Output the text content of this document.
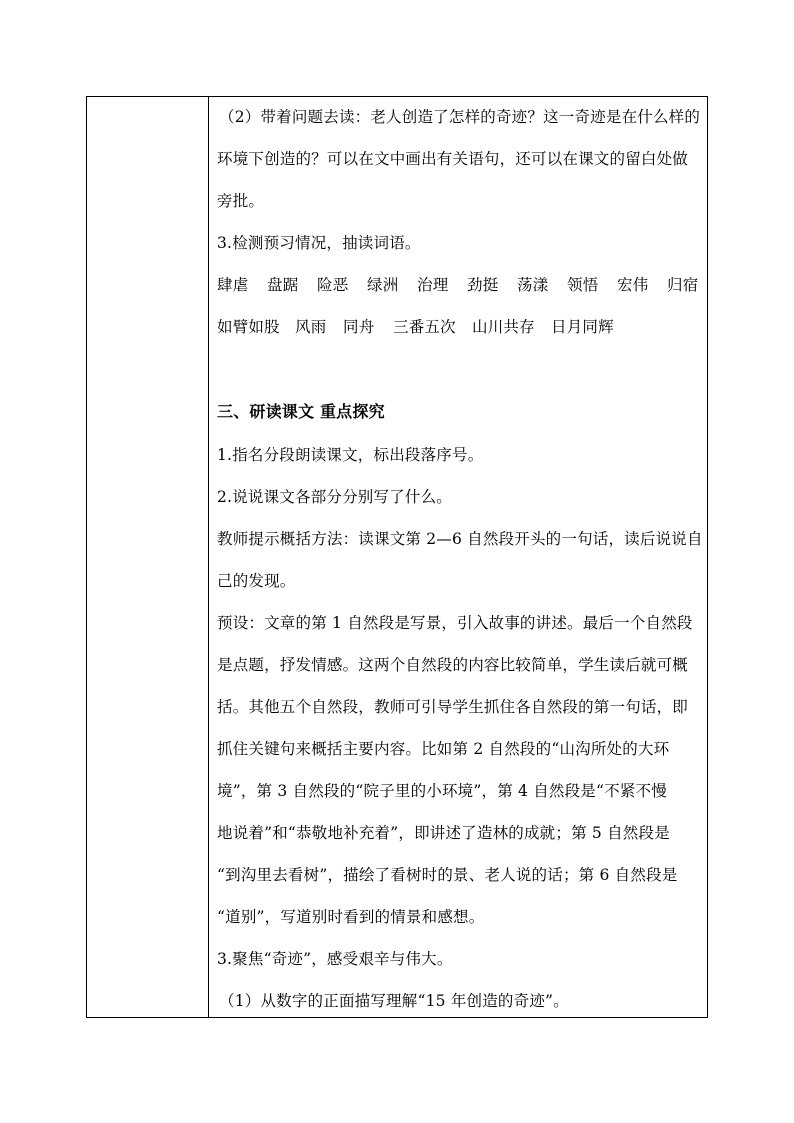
（2）带着问题去读：老人创造了怎样的奇迹？这一奇迹是在什么样的
环境下创造的？可以在文中画出有关语句，还可以在课文的留白处做
旁批。
3.检测预习情况，抽读词语。
肆虐 盘踞 险恶 绿洲 治理 劲挺 荡漾 领悟 宏伟 归宿
如臂如股 风雨 同舟 三番五次 山川共存 日月同辉
三、研读课文 重点探究
1.指名分段朗读课文，标出段落序号。
2.说说课文各部分分别写了什么。
教师提示概括方法：读课文第 2—6 自然段开头的一句话，读后说说自
己的发现。
预设：文章的第 1 自然段是写景，引入故事的讲述。最后一个自然段
是点题，抒发情感。这两个自然段的内容比较简单，学生读后就可概
括。其他五个自然段，教师可引导学生抓住各自然段的第一句话，即
抓住关键句来概括主要内容。比如第 2 自然段的“山沟所处的大环
境”，第 3 自然段的“院子里的小环境”，第 4 自然段是“不紧不慢
地说着”和“恭敬地补充着”，即讲述了造林的成就；第 5 自然段是
“到沟里去看树”，描绘了看树时的景、老人说的话；第 6 自然段是
“道别”，写道别时看到的情景和感想。
3.聚焦“奇迹”，感受艰辛与伟大。
（1）从数字的正面描写理解“15 年创造的奇迹”。
